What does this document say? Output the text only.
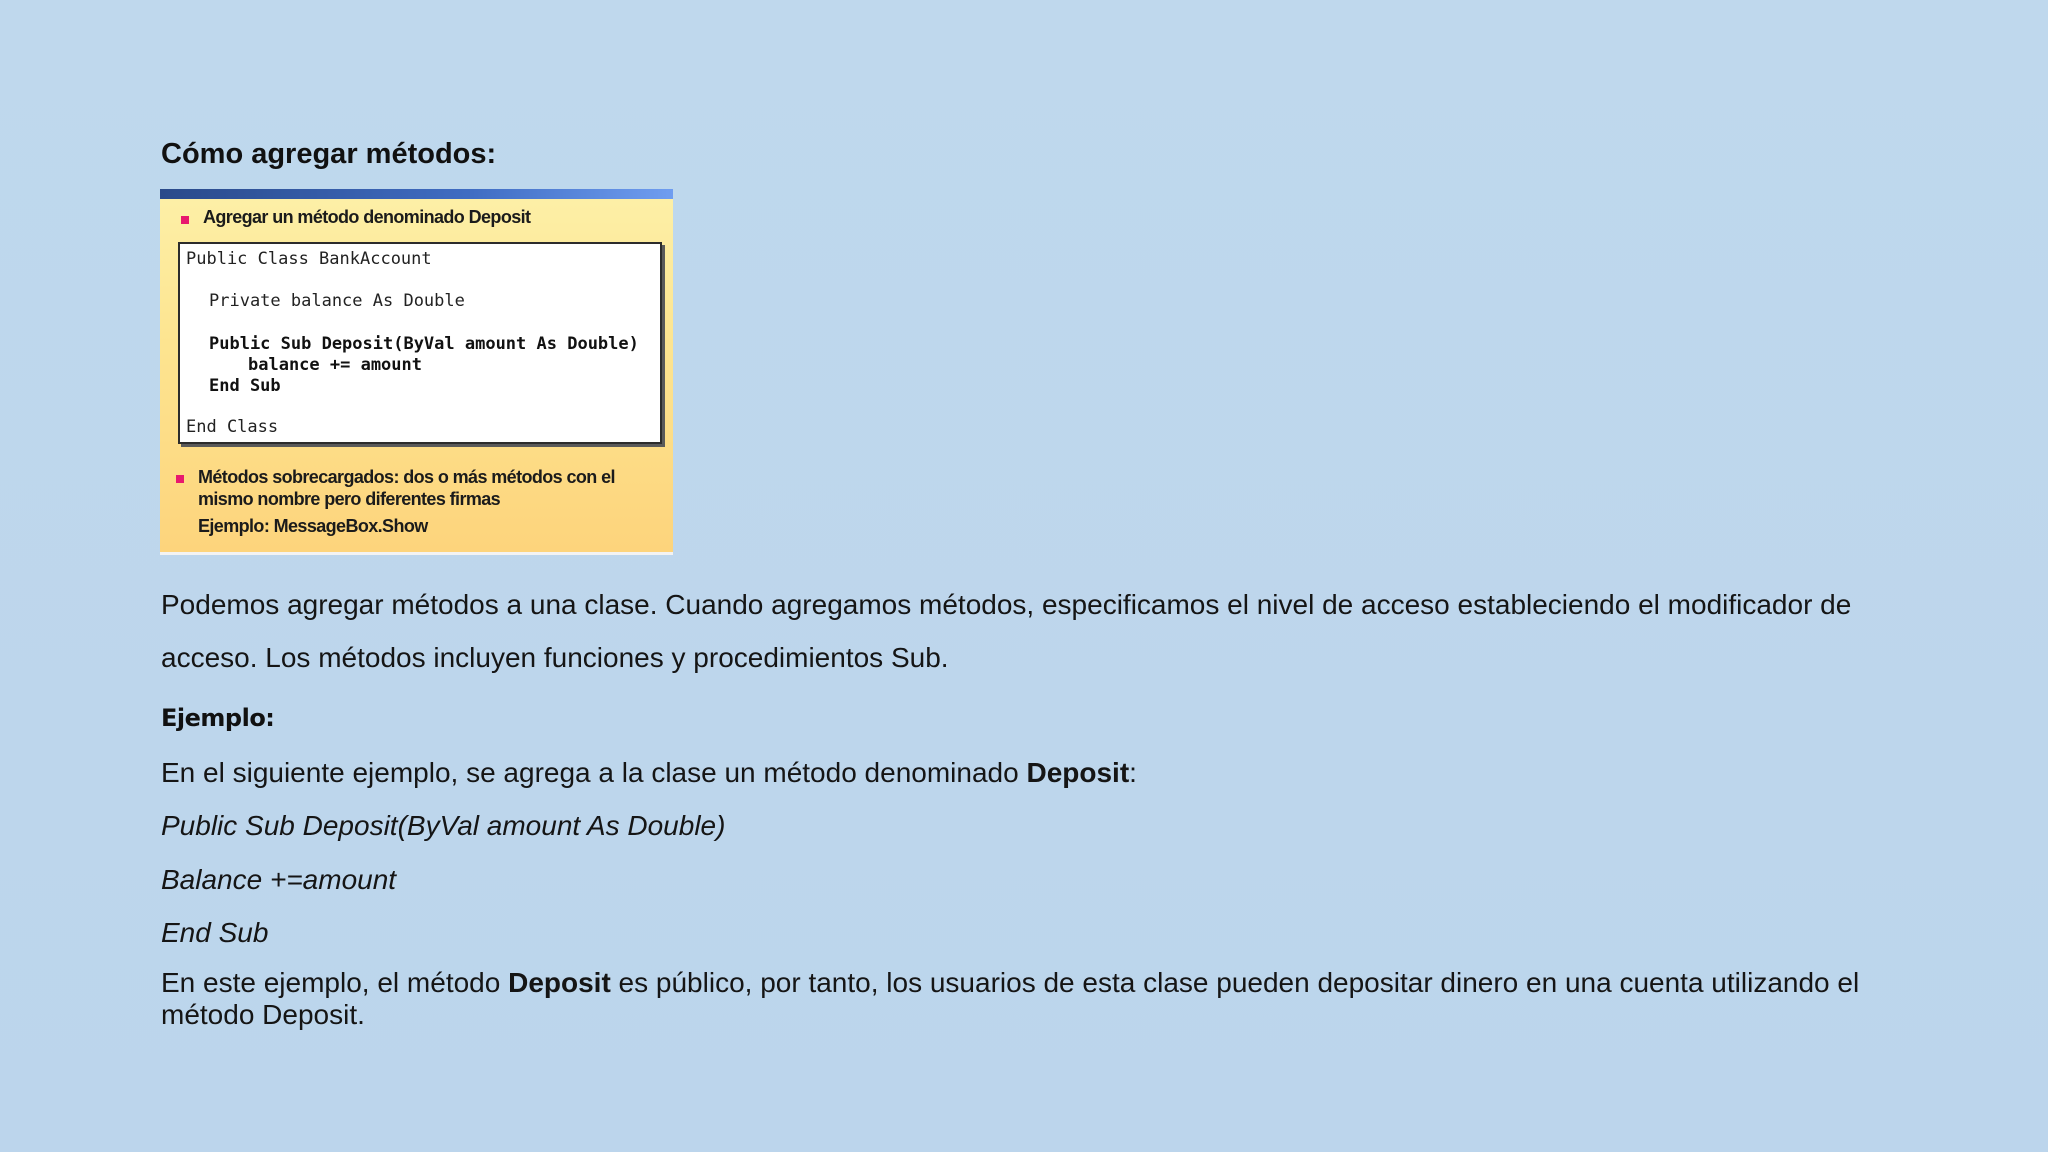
Cómo agregar métodos:
Agregar un método denominado Deposit
Public Class BankAccount
Private balance As Double
Public Sub Deposit(ByVal amount As Double)
balance += amount
End Sub
End Class
Métodos sobrecargados: dos o más métodos con el
mismo nombre pero diferentes firmas
Ejemplo: MessageBox.Show
Podemos agregar métodos a una clase. Cuando agregamos métodos, especificamos el nivel de acceso estableciendo el modificador de acceso. Los métodos incluyen funciones y procedimientos Sub.
Ejemplo:
En el siguiente ejemplo, se agrega a la clase un método denominado Deposit:
Public Sub Deposit(ByVal amount As Double)
Balance +=amount
End Sub
En este ejemplo, el método Deposit es público, por tanto, los usuarios de esta clase pueden depositar dinero en una cuenta utilizando el método Deposit.
